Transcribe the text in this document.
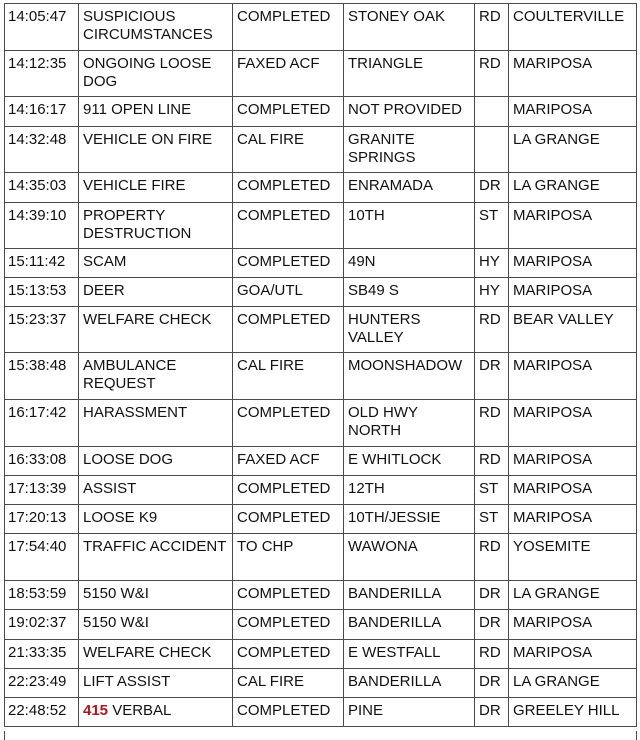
14:05:47	SUSPICIOUS CIRCUMSTANCES	COMPLETED	STONEY OAK	RD	COULTERVILLE
14:12:35	ONGOING LOOSE DOG	FAXED ACF	TRIANGLE	RD	MARIPOSA
14:16:17	911 OPEN LINE	COMPLETED	NOT PROVIDED		MARIPOSA
14:32:48	VEHICLE ON FIRE	CAL FIRE	GRANITE SPRINGS		LA GRANGE
14:35:03	VEHICLE FIRE	COMPLETED	ENRAMADA	DR	LA GRANGE
14:39:10	PROPERTY DESTRUCTION	COMPLETED	10TH	ST	MARIPOSA
15:11:42	SCAM	COMPLETED	49N	HY	MARIPOSA
15:13:53	DEER	GOA/UTL	SB49 S	HY	MARIPOSA
15:23:37	WELFARE CHECK	COMPLETED	HUNTERS VALLEY	RD	BEAR VALLEY
15:38:48	AMBULANCE REQUEST	CAL FIRE	MOONSHADOW	DR	MARIPOSA
16:17:42	HARASSMENT	COMPLETED	OLD HWY NORTH	RD	MARIPOSA
16:33:08	LOOSE DOG	FAXED ACF	E WHITLOCK	RD	MARIPOSA
17:13:39	ASSIST	COMPLETED	12TH	ST	MARIPOSA
17:20:13	LOOSE K9	COMPLETED	10TH/JESSIE	ST	MARIPOSA
17:54:40	TRAFFIC ACCIDENT	TO CHP	WAWONA	RD	YOSEMITE
18:53:59	5150 W&I	COMPLETED	BANDERILLA	DR	LA GRANGE
19:02:37	5150 W&I	COMPLETED	BANDERILLA	DR	MARIPOSA
21:33:35	WELFARE CHECK	COMPLETED	E WESTFALL	RD	MARIPOSA
22:23:49	LIFT ASSIST	CAL FIRE	BANDERILLA	DR	LA GRANGE
22:48:52	415 VERBAL	COMPLETED	PINE	DR	GREELEY HILL
